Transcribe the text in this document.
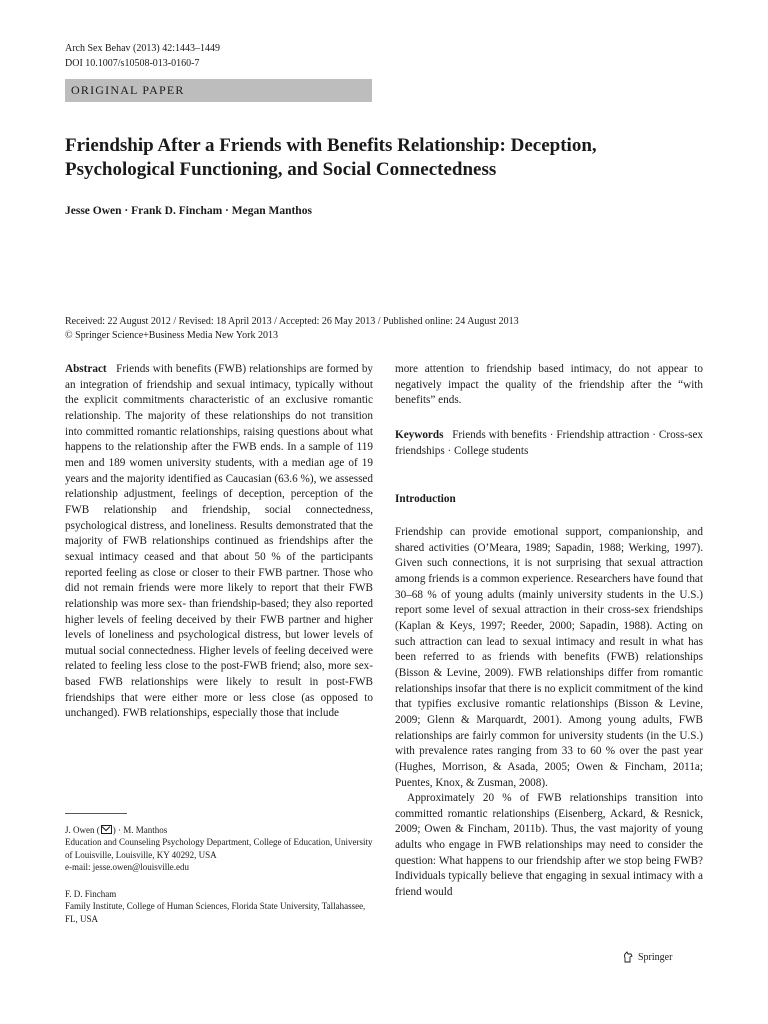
Arch Sex Behav (2013) 42:1443–1449
DOI 10.1007/s10508-013-0160-7
ORIGINAL PAPER
Friendship After a Friends with Benefits Relationship: Deception,
Psychological Functioning, and Social Connectedness
Jesse Owen · Frank D. Fincham · Megan Manthos
Received: 22 August 2012 / Revised: 18 April 2013 / Accepted: 26 May 2013 / Published online: 24 August 2013
© Springer Science+Business Media New York 2013

Abstract Friends with benefits (FWB) relationships are formed by an integration of friendship and sexual intimacy, typically without the explicit commitments characteristic of an exclusive romantic relationship. The majority of these relationships do not transition into committed romantic relationships, raising questions about what happens to the relationship after the FWB ends. In a sample of 119 men and 189 women university students, with a median age of 19 years and the majority identified as Caucasian (63.6 %), we assessed relationship adjustment, feelings of deception, perception of the FWB relationship and friendship, social connectedness, psychological distress, and loneliness. Results demonstrated that the majority of FWB relationships continued as friendships after the sexual intimacy ceased and that about 50 % of the participants reported feeling as close or closer to their FWB partner. Those who did not remain friends were more likely to report that their FWB relationship was more sex- than friendship-based; they also reported higher levels of feeling deceived by their FWB partner and higher levels of loneliness and psychological distress, but lower levels of mutual social connectedness. Higher levels of feeling deceived were related to feeling less close to the post-FWB friend; also, more sex-based FWB relationships were likely to result in post-FWB friendships that were either more or less close (as opposed to unchanged). FWB relationships, especially those that include

J. Owen ( ) · M. Manthos
Education and Counseling Psychology Department, College of Education, University of Louisville, Louisville, KY 40292, USA
e-mail: jesse.owen@louisville.edu
F. D. Fincham
Family Institute, College of Human Sciences, Florida State University, Tallahassee, FL, USA

more attention to friendship based intimacy, do not appear to negatively impact the quality of the friendship after the “with benefits” ends.

Keywords Friends with benefits · Friendship attraction · Cross-sex friendships · College students

Introduction

Friendship can provide emotional support, companionship, and shared activities (O’Meara, 1989; Sapadin, 1988; Werking, 1997). Given such connections, it is not surprising that sexual attraction among friends is a common experience. Researchers have found that 30–68 % of young adults (mainly university students in the U.S.) report some level of sexual attraction in their cross-sex friendships (Kaplan & Keys, 1997; Reeder, 2000; Sapadin, 1988). Acting on such attraction can lead to sexual intimacy and result in what has been referred to as friends with benefits (FWB) relationships (Bisson & Levine, 2009). FWB relationships differ from romantic relationships insofar that there is no explicit commitment of the kind that typifies exclusive romantic relationships (Bisson & Levine, 2009; Glenn & Marquardt, 2001). Among young adults, FWB relationships are fairly common for university students (in the U.S.) with prevalence rates ranging from 33 to 60 % over the past year (Hughes, Morrison, & Asada, 2005; Owen & Fincham, 2011a; Puentes, Knox, & Zusman, 2008).

Approximately 20 % of FWB relationships transition into committed romantic relationships (Eisenberg, Ackard, & Resnick, 2009; Owen & Fincham, 2011b). Thus, the vast majority of young adults who engage in FWB relationships may need to consider the question: What happens to our friendship after we stop being FWB? Individuals typically believe that engaging in sexual intimacy with a friend would

Springer
